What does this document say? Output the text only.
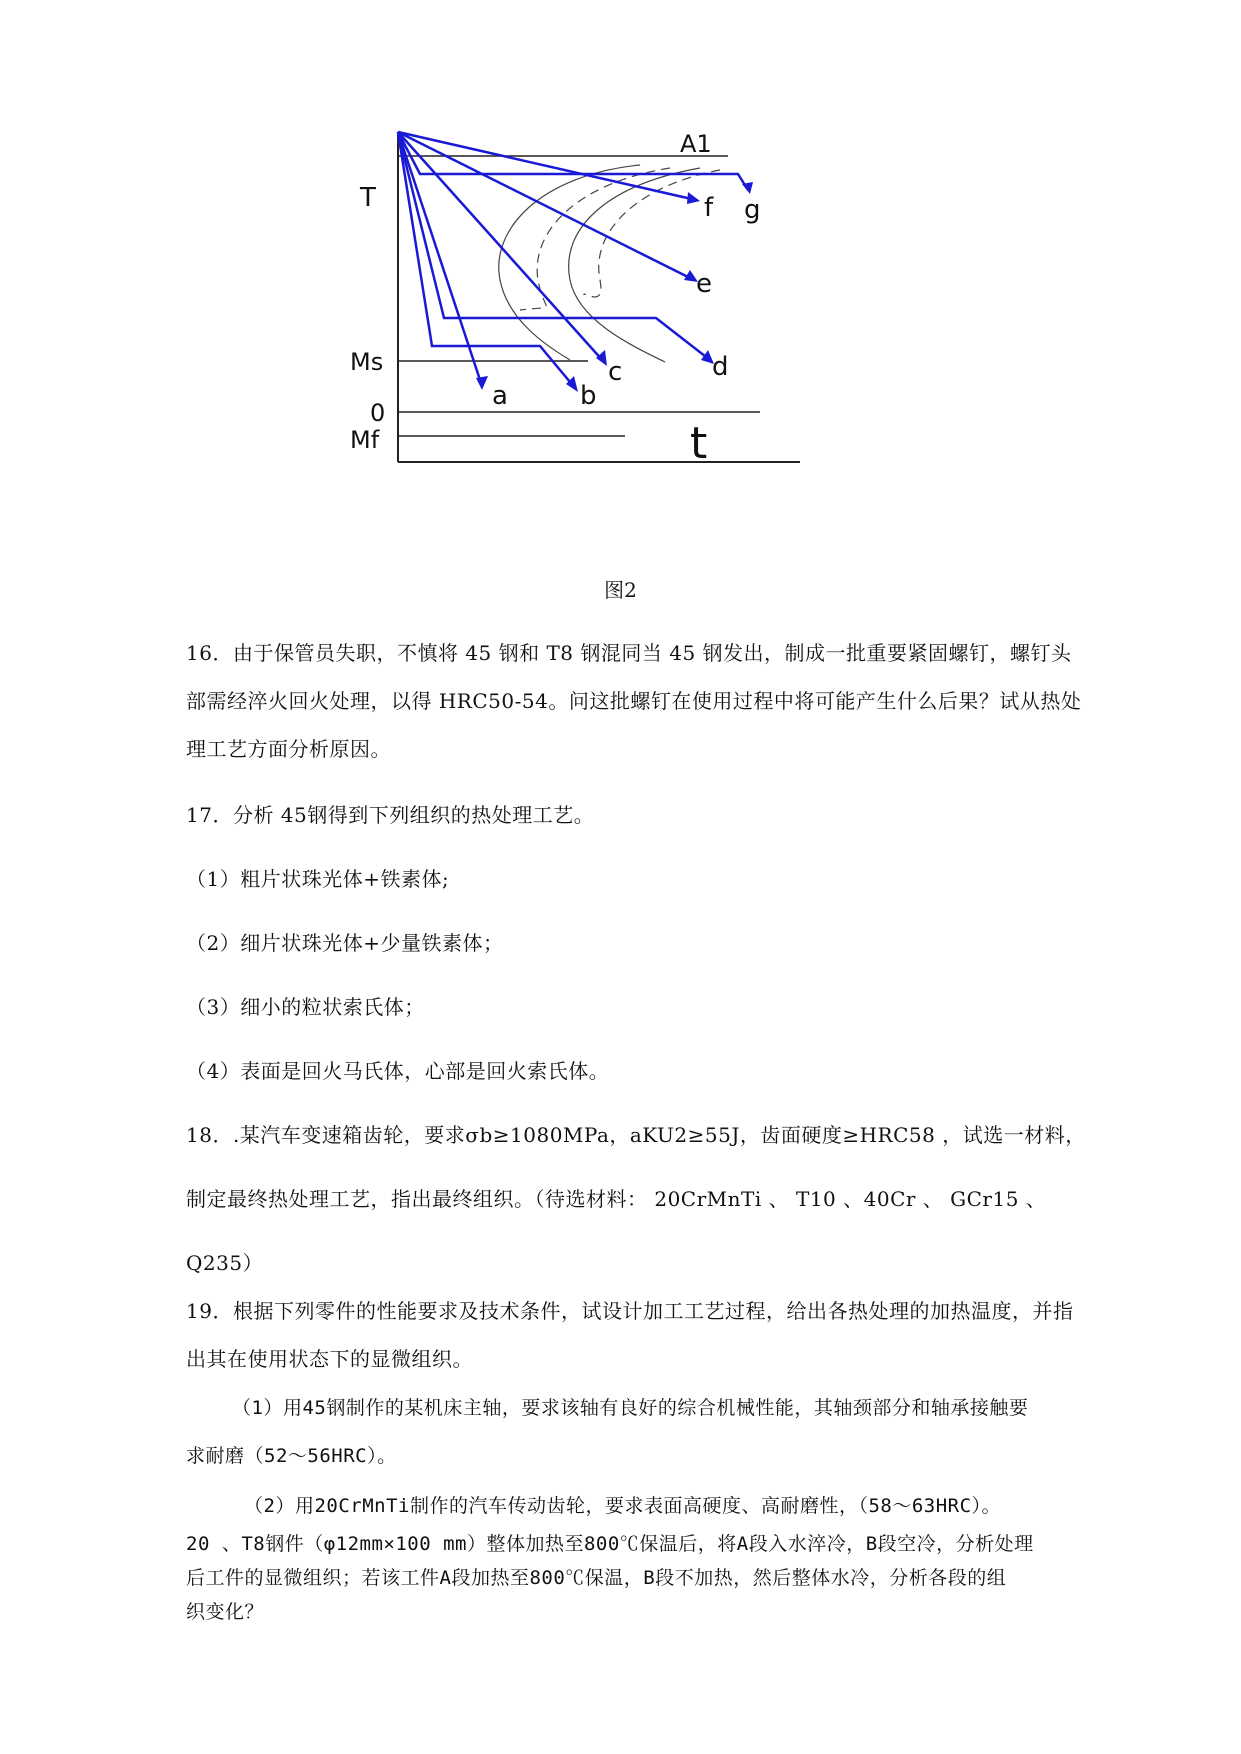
T
A1
Ms
0
Mf	t
a	b
c	d
e
f g
图2
16．由于保管员失职，不慎将 45 钢和 T8 钢混同当 45 钢发出，制成一批重要紧固螺钉，螺钉头
部需经淬火回火处理，以得 HRC50-54。问这批螺钉在使用过程中将可能产生什么后果？试从热处
理工艺方面分析原因。
17．分析 45钢得到下列组织的热处理工艺。
（1）粗片状珠光体+铁素体;
（2）细片状珠光体+少量铁素体；
（3）细小的粒状索氏体；
（4）表面是回火马氏体，心部是回火索氏体。
18．.某汽车变速箱齿轮，要求σb≥1080MPa，aKU2≥55J，齿面硬度≥HRC58 ，试选一材料，
制定最终热处理工艺，指出最终组织。（待选材料： 20CrMnTi 、 T10 、40Cr 、 GCr15 、
Q235）
19．根据下列零件的性能要求及技术条件，试设计加工工艺过程，给出各热处理的加热温度，并指
出其在使用状态下的显微组织。
（1）用45钢制作的某机床主轴，要求该轴有良好的综合机械性能，其轴颈部分和轴承接触要
求耐磨（52～56HRC）。
（2）用20CrMnTi制作的汽车传动齿轮，要求表面高硬度、高耐磨性，（58～63HRC）。
20 、T8钢件（φ12mm×100 mm）整体加热至800℃保温后，将A段入水淬冷，B段空冷，分析处理
后工件的显微组织；若该工件A段加热至800℃保温，B段不加热，然后整体水冷，分析各段的组
织变化？
